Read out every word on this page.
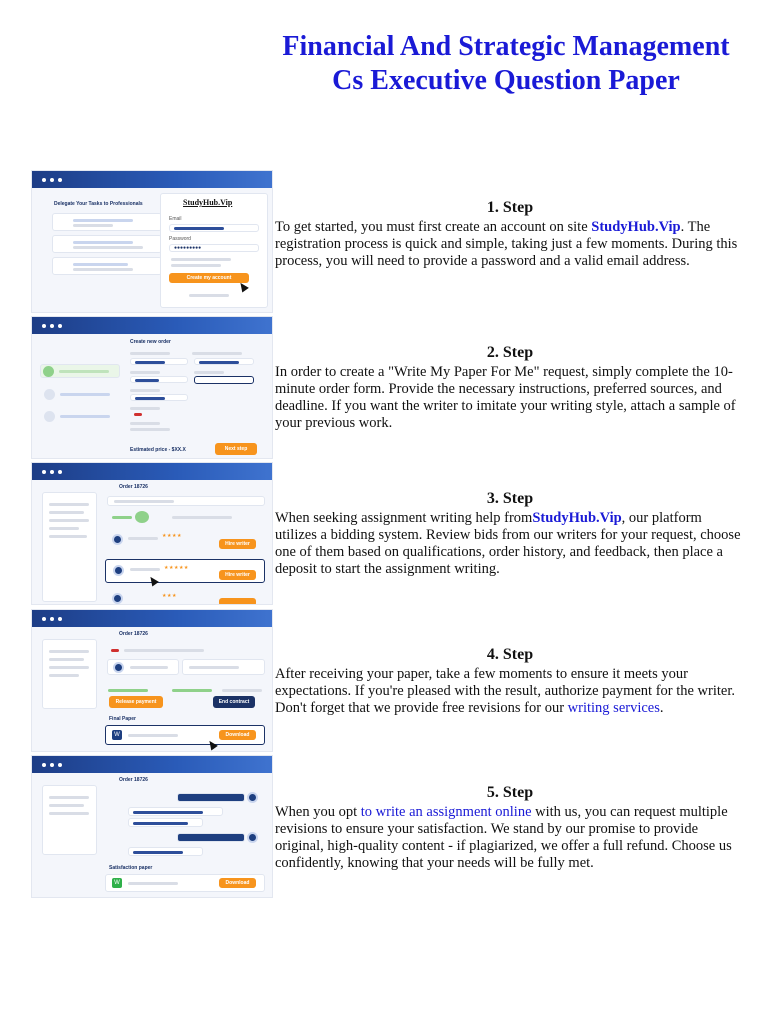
Financial And Strategic Management Cs Executive Question Paper
Delegate Your Tasks to Professionals	StudyHub.Vip
Email
Password
●●●●●●●●●
Create my account
Create new order
Estimated price - $XX.X	Next step
Order 18726
★★★★
Hire writer
★★★★★
Hire writer
★★★
Order 18726
Release payment	End contract
Final Paper
W	Download
Order 18726
Satisfaction paper
W	Download
1. Step

To get started, you must first create an account on site StudyHub.Vip. The registration process is quick and simple, taking just a few moments. During this process, you will need to provide a password and a valid email address.

2. Step

In order to create a "Write My Paper For Me" request, simply complete the 10-minute order form. Provide the necessary instructions, preferred sources, and deadline. If you want the writer to imitate your writing style, attach a sample of your previous work.

3. Step

When seeking assignment writing help fromStudyHub.Vip, our platform utilizes a bidding system. Review bids from our writers for your request, choose one of them based on qualifications, order history, and feedback, then place a deposit to start the assignment writing.

4. Step

After receiving your paper, take a few moments to ensure it meets your expectations. If you're pleased with the result, authorize payment for the writer. Don't forget that we provide free revisions for our writing services.

5. Step

When you opt to write an assignment online with us, you can request multiple revisions to ensure your satisfaction. We stand by our promise to provide original, high-quality content - if plagiarized, we offer a full refund. Choose us confidently, knowing that your needs will be fully met.
